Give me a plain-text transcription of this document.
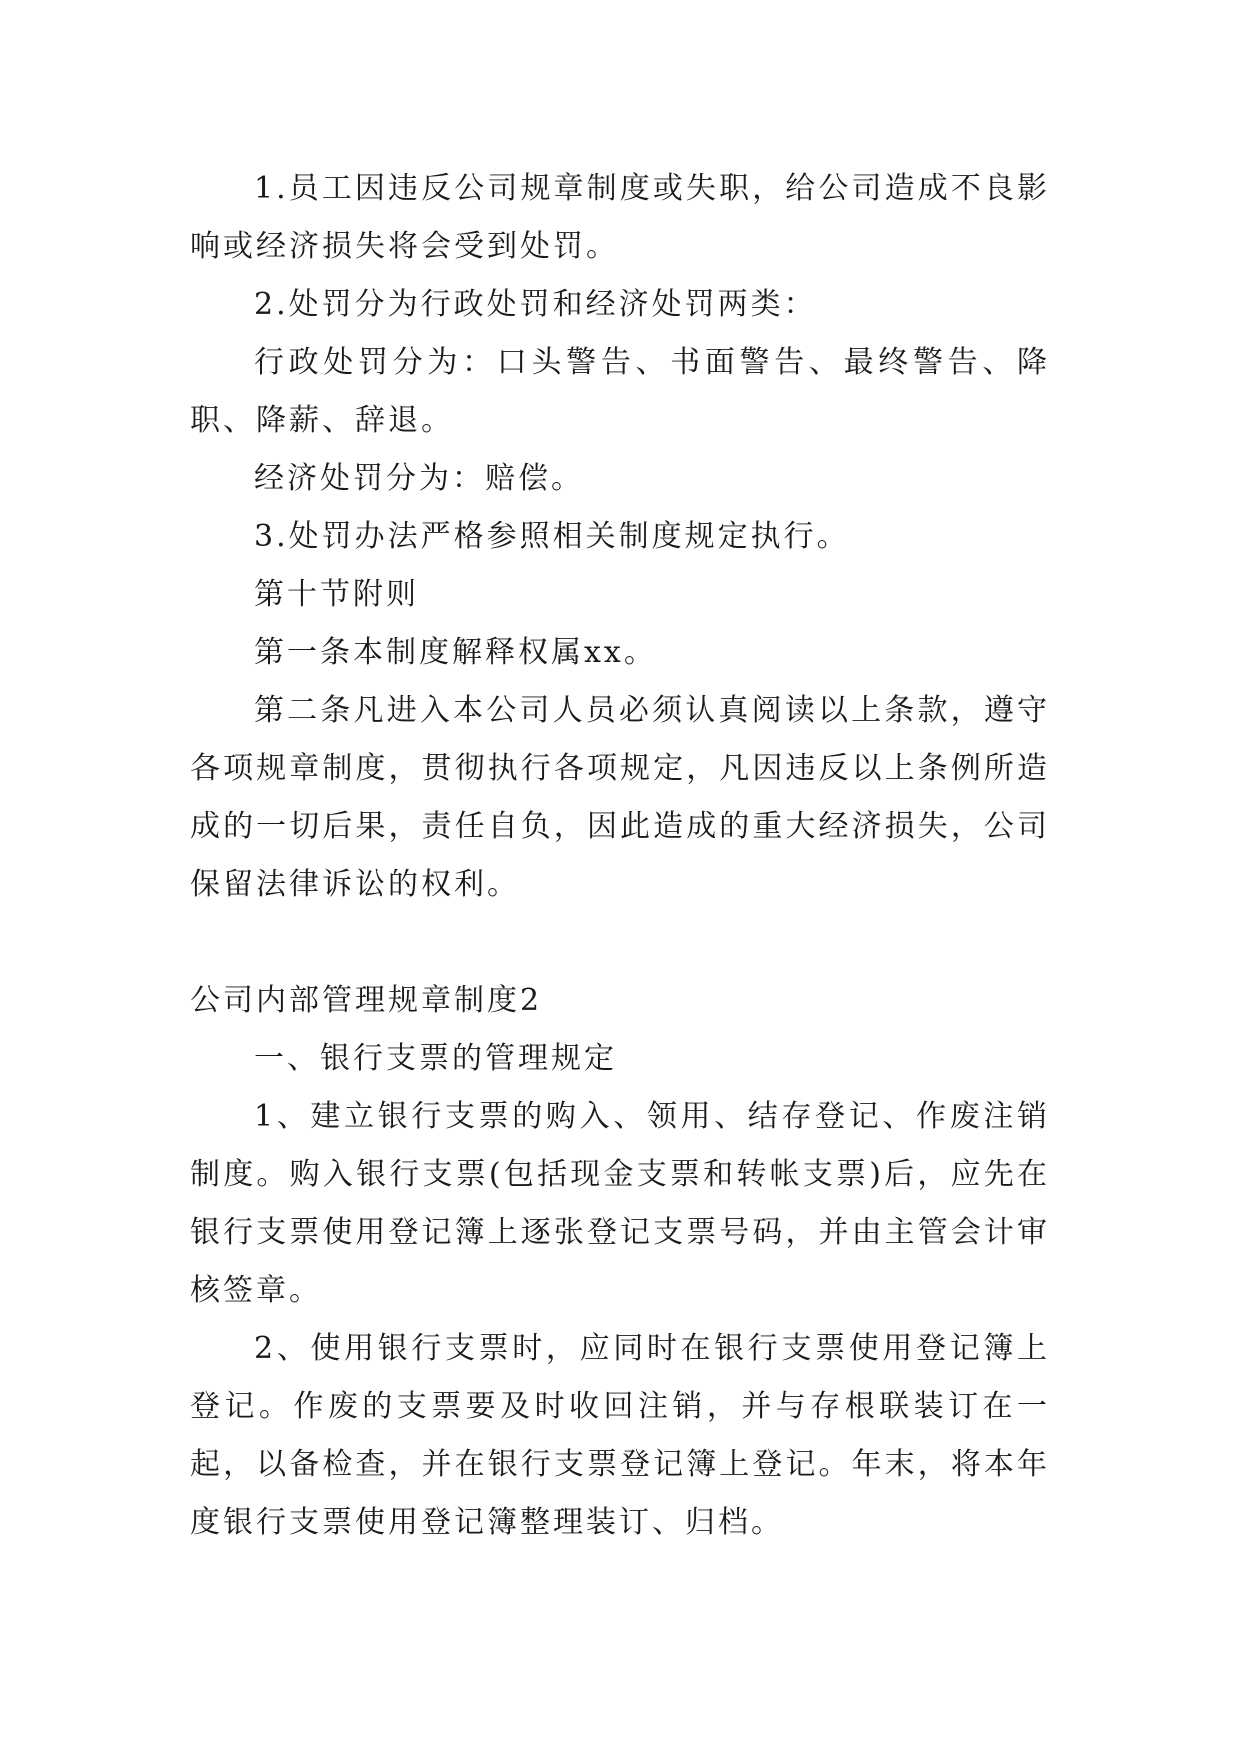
1.员工因违反公司规章制度或失职，给公司造成不良影响或经济损失将会受到处罚。

2.处罚分为行政处罚和经济处罚两类：

行政处罚分为：口头警告、书面警告、最终警告、降职、降薪、辞退。

经济处罚分为：赔偿。

3.处罚办法严格参照相关制度规定执行。

第十节附则

第一条本制度解释权属xx。

第二条凡进入本公司人员必须认真阅读以上条款，遵守各项规章制度，贯彻执行各项规定，凡因违反以上条例所造成的一切后果，责任自负，因此造成的重大经济损失，公司保留法律诉讼的权利。

公司内部管理规章制度2

一、银行支票的管理规定

1、建立银行支票的购入、领用、结存登记、作废注销制度。购入银行支票(包括现金支票和转帐支票)后，应先在银行支票使用登记簿上逐张登记支票号码，并由主管会计审核签章。

2、使用银行支票时，应同时在银行支票使用登记簿上登记。作废的支票要及时收回注销，并与存根联装订在一起，以备检查，并在银行支票登记簿上登记。年末，将本年度银行支票使用登记簿整理装订、归档。
